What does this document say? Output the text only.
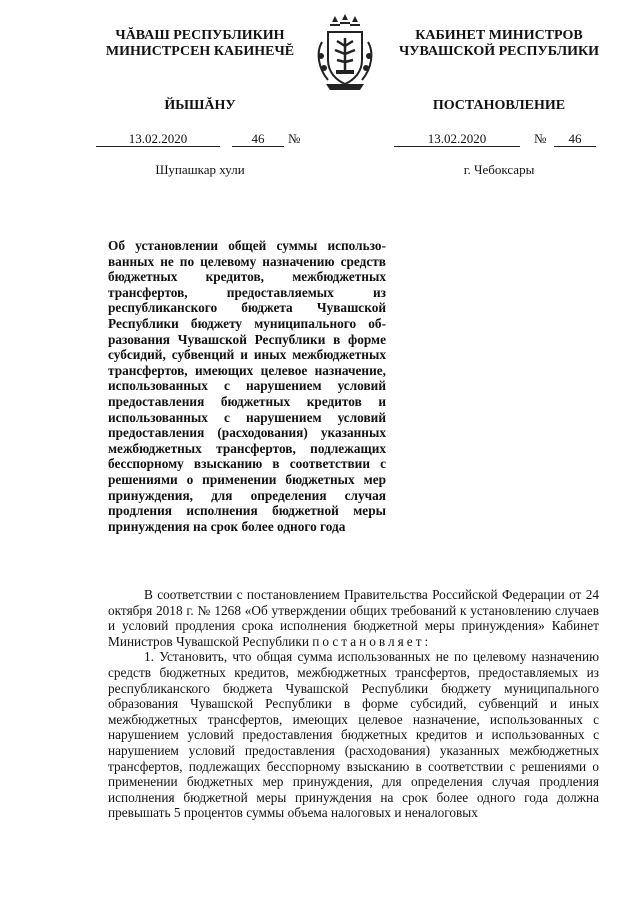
ЧĂВАШ РЕСПУБЛИКИН
МИНИСТРСЕН КАБИНЕЧĔ
ЙЫШĂНУ
13.02.2020	46	№
Шупашкар хули
КАБИНЕТ МИНИСТРОВ
ЧУВАШСКОЙ РЕСПУБЛИКИ
ПОСТАНОВЛЕНИЕ
13.02.2020	№	46
г. Чебоксары
Об установлении общей суммы использованных не по целевому назначению средств бюджетных кредитов, межбюджетных трансфертов, предоставляемых из республиканского бюджета Чувашской Республики бюджету муниципального образования Чувашской Республики в форме субсидий, субвенций и иных межбюджетных трансфертов, имеющих целевое назначение, использованных с нарушением условий предоставления бюджетных кредитов и использованных с нарушением условий предоставления (расходования) указанных межбюджетных трансфертов, подлежащих бесспорному взысканию в соответствии с решениями о применении бюджетных мер принуждения, для определения случая продления исполнения бюджетной меры принуждения на срок более одного года

В соответствии с постановлением Правительства Российской Федерации от 24 октября 2018 г. № 1268 «Об утверждении общих требований к установлению случаев и условий продления срока исполнения бюджетной меры принуждения» Кабинет Министров Чувашской Республики постановляет:

1. Установить, что общая сумма использованных не по целевому назначению средств бюджетных кредитов, межбюджетных трансфертов, предоставляемых из республиканского бюджета Чувашской Республики бюджету муниципального образования Чувашской Республики в форме субсидий, субвенций и иных межбюджетных трансфертов, имеющих целевое назначение, использованных с нарушением условий предоставления бюджетных кредитов и использованных с нарушением условий предоставления (расходования) указанных межбюджетных трансфертов, подлежащих бесспорному взысканию в соответствии с решениями о применении бюджетных мер принуждения, для определения случая продления исполнения бюджетной меры принуждения на срок более одного года должна превышать 5 процентов суммы объема налоговых и неналоговых
